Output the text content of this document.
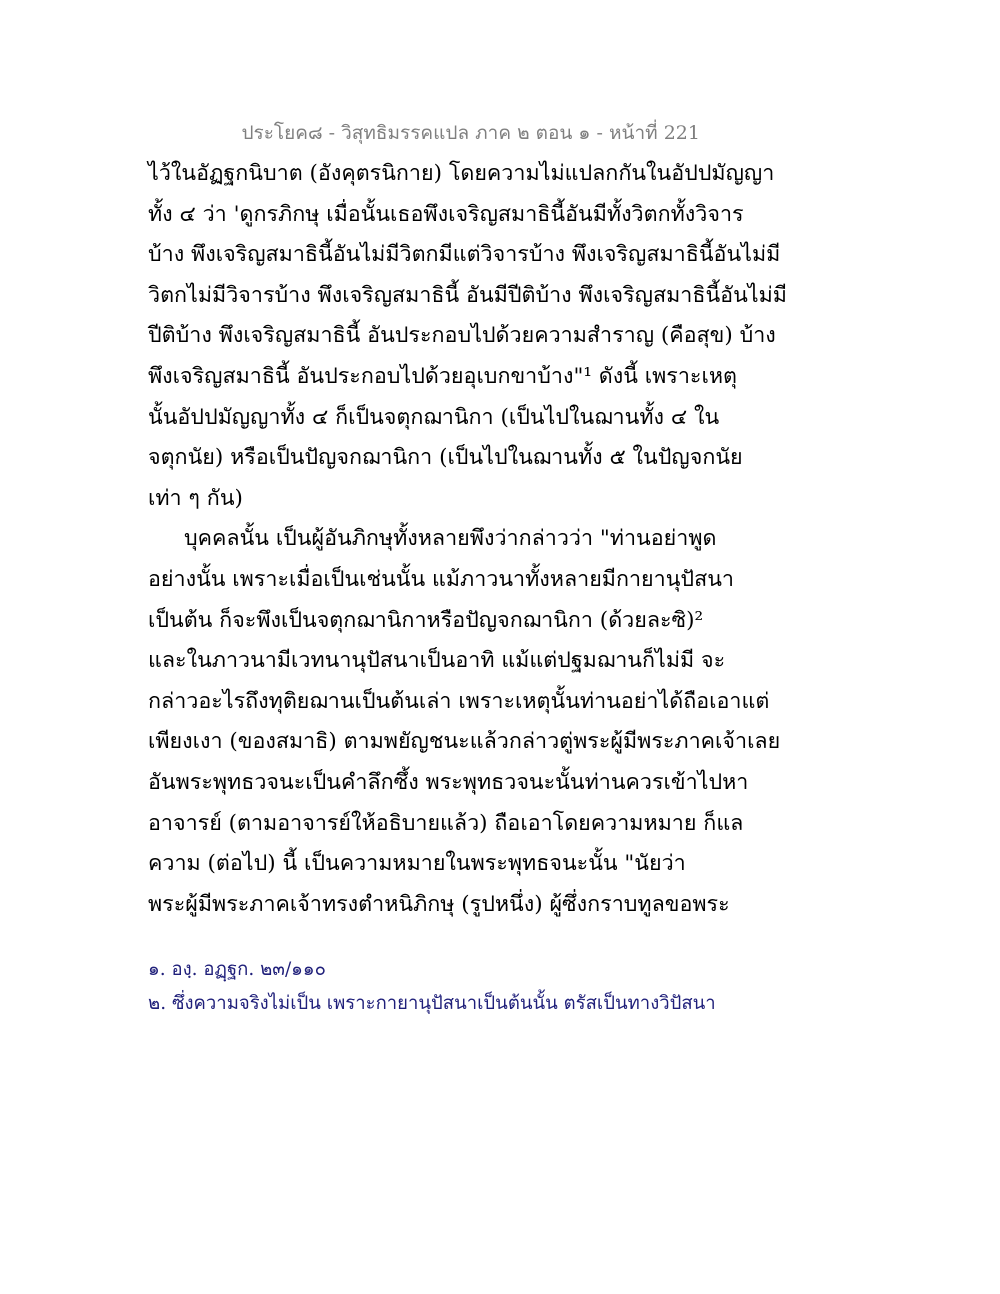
ประโยค๘ - วิสุทธิมรรคแปล ภาค ๒ ตอน ๑ - หน้าที่ 221
ไว้ในอัฏฐกนิบาต (อังคุตรนิกาย) โดยความไม่แปลกกันในอัปปมัญญา
ทั้ง ๔ ว่า 'ดูกรภิกษุ เมื่อนั้นเธอพึงเจริญสมาธินี้อันมีทั้งวิตกทั้งวิจาร
บ้าง พึงเจริญสมาธินี้อันไม่มีวิตกมีแต่วิจารบ้าง พึงเจริญสมาธินี้อันไม่มี
วิตกไม่มีวิจารบ้าง พึงเจริญสมาธินี้ อันมีปีติบ้าง พึงเจริญสมาธินี้อันไม่มี
ปีติบ้าง พึงเจริญสมาธินี้ อันประกอบไปด้วยความสำราญ (คือสุข) บ้าง
พึงเจริญสมาธินี้ อันประกอบไปด้วยอุเบกขาบ้าง"¹ ดังนี้ เพราะเหตุ
นั้นอัปปมัญญาทั้ง ๔ ก็เป็นจตุกฌานิกา (เป็นไปในฌานทั้ง ๔ ใน
จตุกนัย) หรือเป็นปัญจกฌานิกา (เป็นไปในฌานทั้ง ๕ ในปัญจกนัย
เท่า ๆ กัน)
บุคคลนั้น เป็นผู้อันภิกษุทั้งหลายพึงว่ากล่าวว่า "ท่านอย่าพูด
อย่างนั้น เพราะเมื่อเป็นเช่นนั้น แม้ภาวนาทั้งหลายมีกายานุปัสนา
เป็นต้น ก็จะพึงเป็นจตุกฌานิกาหรือปัญจกฌานิกา (ด้วยละซิ)²
และในภาวนามีเวทนานุปัสนาเป็นอาทิ แม้แต่ปฐมฌานก็ไม่มี จะ
กล่าวอะไรถึงทุติยฌานเป็นต้นเล่า เพราะเหตุนั้นท่านอย่าได้ถือเอาแต่
เพียงเงา (ของสมาธิ) ตามพยัญชนะแล้วกล่าวตู่พระผู้มีพระภาคเจ้าเลย
อันพระพุทธวจนะเป็นคำลึกซึ้ง พระพุทธวจนะนั้นท่านควรเข้าไปหา
อาจารย์ (ตามอาจารย์ให้อธิบายแล้ว) ถือเอาโดยความหมาย ก็แล
ความ (ต่อไป) นี้ เป็นความหมายในพระพุทธจนะนั้น "นัยว่า
พระผู้มีพระภาคเจ้าทรงตำหนิภิกษุ (รูปหนึ่ง) ผู้ซึ่งกราบทูลขอพระ
๑. องฺ. อฏฺฐก. ๒๓/๑๑๐
๒. ซึ่งความจริงไม่เป็น เพราะกายานุปัสนาเป็นต้นนั้น ตรัสเป็นทางวิปัสนา
